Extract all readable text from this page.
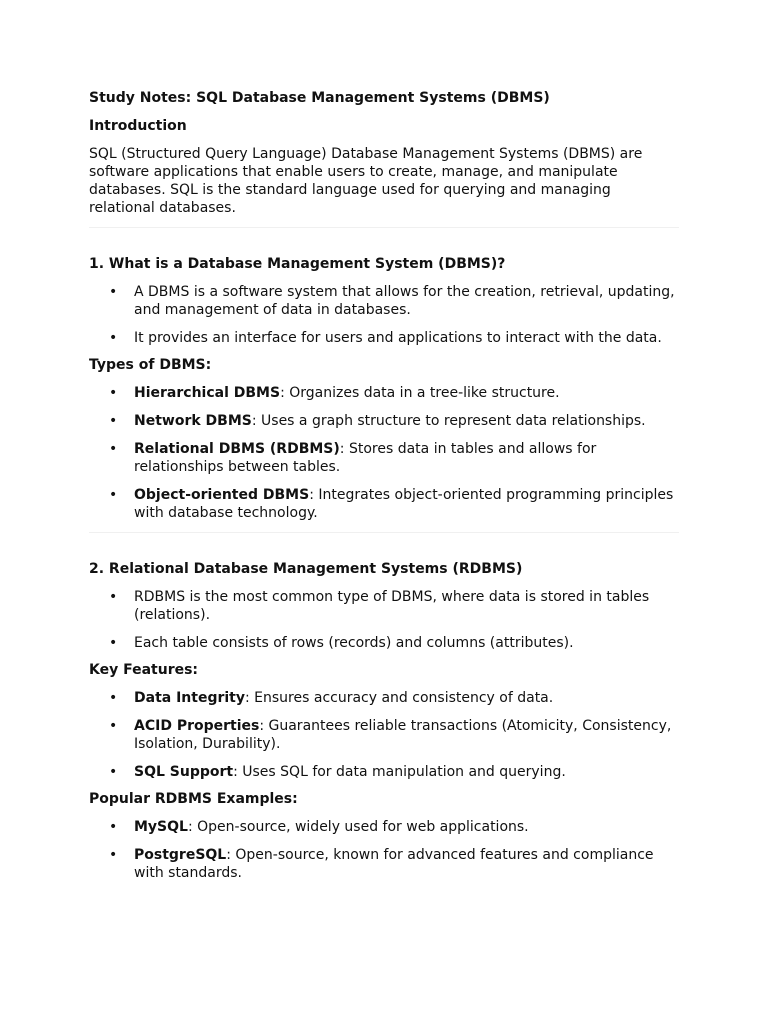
Study Notes: SQL Database Management Systems (DBMS)

Introduction

SQL (Structured Query Language) Database Management Systems (DBMS) are software applications that enable users to create, manage, and manipulate databases. SQL is the standard language used for querying and managing relational databases.

1. What is a Database Management System (DBMS)?

• A DBMS is a software system that allows for the creation, retrieval, updating, and management of data in databases.
• It provides an interface for users and applications to interact with the data.

Types of DBMS:

• Hierarchical DBMS: Organizes data in a tree-like structure.
• Network DBMS: Uses a graph structure to represent data relationships.
• Relational DBMS (RDBMS): Stores data in tables and allows for relationships between tables.
• Object-oriented DBMS: Integrates object-oriented programming principles with database technology.

2. Relational Database Management Systems (RDBMS)

• RDBMS is the most common type of DBMS, where data is stored in tables (relations).
• Each table consists of rows (records) and columns (attributes).

Key Features:

• Data Integrity: Ensures accuracy and consistency of data.
• ACID Properties: Guarantees reliable transactions (Atomicity, Consistency, Isolation, Durability).
• SQL Support: Uses SQL for data manipulation and querying.

Popular RDBMS Examples:

• MySQL: Open-source, widely used for web applications.
• PostgreSQL: Open-source, known for advanced features and compliance with standards.
